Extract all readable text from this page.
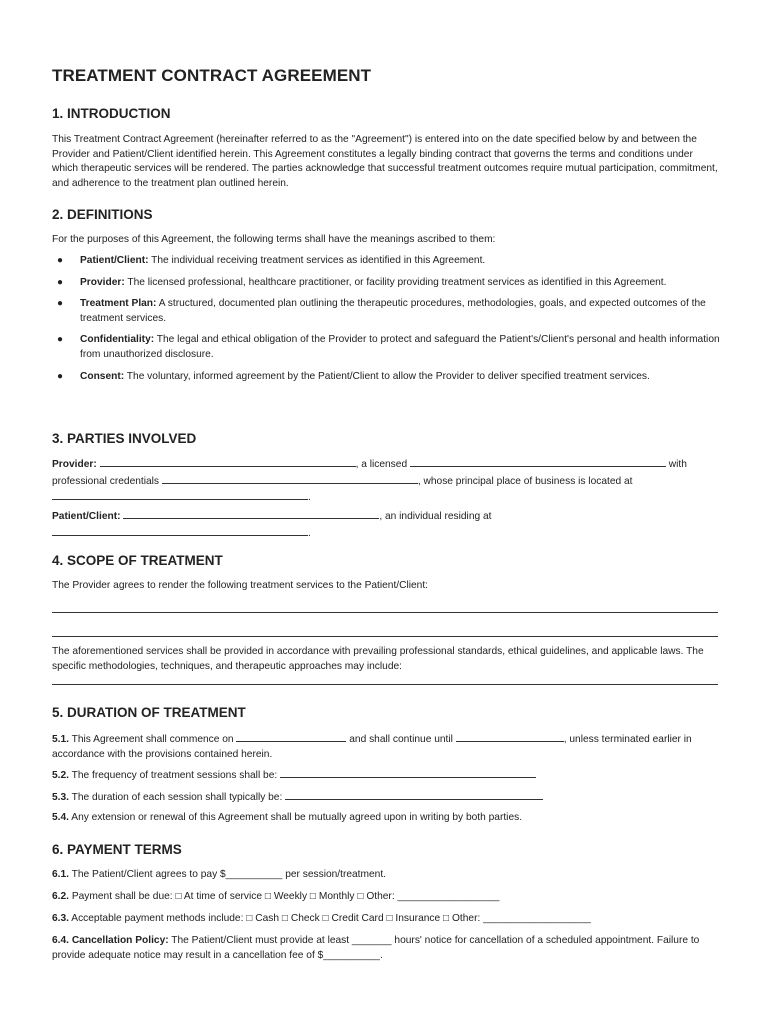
TREATMENT CONTRACT AGREEMENT
1. INTRODUCTION

This Treatment Contract Agreement (hereinafter referred to as the "Agreement") is entered into on the date specified below by and between the Provider and Patient/Client identified herein. This Agreement constitutes a legally binding contract that governs the terms and conditions under which therapeutic services will be rendered. The parties acknowledge that successful treatment outcomes require mutual participation, commitment, and adherence to the treatment plan outlined herein.

2. DEFINITIONS

For the purposes of this Agreement, the following terms shall have the meanings ascribed to them:

● Patient/Client: The individual receiving treatment services as identified in this Agreement.
● Provider: The licensed professional, healthcare practitioner, or facility providing treatment services as identified in this Agreement.
● Treatment Plan: A structured, documented plan outlining the therapeutic procedures, methodologies, goals, and expected outcomes of the treatment services.
● Confidentiality: The legal and ethical obligation of the Provider to protect and safeguard the Patient's/Client's personal and health information from unauthorized disclosure.
● Consent: The voluntary, informed agreement by the Patient/Client to allow the Provider to deliver specified treatment services.
3. PARTIES INVOLVED

Provider:	, a licensed	with professional credentials	, whose principal place of business is located at .

Patient/Client:	, an individual residing at .

4. SCOPE OF TREATMENT

The Provider agrees to render the following treatment services to the Patient/Client:

The aforementioned services shall be provided in accordance with prevailing professional standards, ethical guidelines, and applicable laws. The specific methodologies, techniques, and therapeutic approaches may include:

5. DURATION OF TREATMENT

5.1. This Agreement shall commence on	and shall continue until	, unless terminated earlier in accordance with the provisions contained herein.

5.2. The frequency of treatment sessions shall be:

5.3. The duration of each session shall typically be:

5.4. Any extension or renewal of this Agreement shall be mutually agreed upon in writing by both parties.

6. PAYMENT TERMS

6.1. The Patient/Client agrees to pay $__________ per session/treatment.

6.2. Payment shall be due: □ At time of service □ Weekly □ Monthly □ Other: __________________

6.3. Acceptable payment methods include: □ Cash □ Check □ Credit Card □ Insurance □ Other: ___________________

6.4. Cancellation Policy: The Patient/Client must provide at least _______ hours' notice for cancellation of a scheduled appointment. Failure to provide adequate notice may result in a cancellation fee of $__________.
